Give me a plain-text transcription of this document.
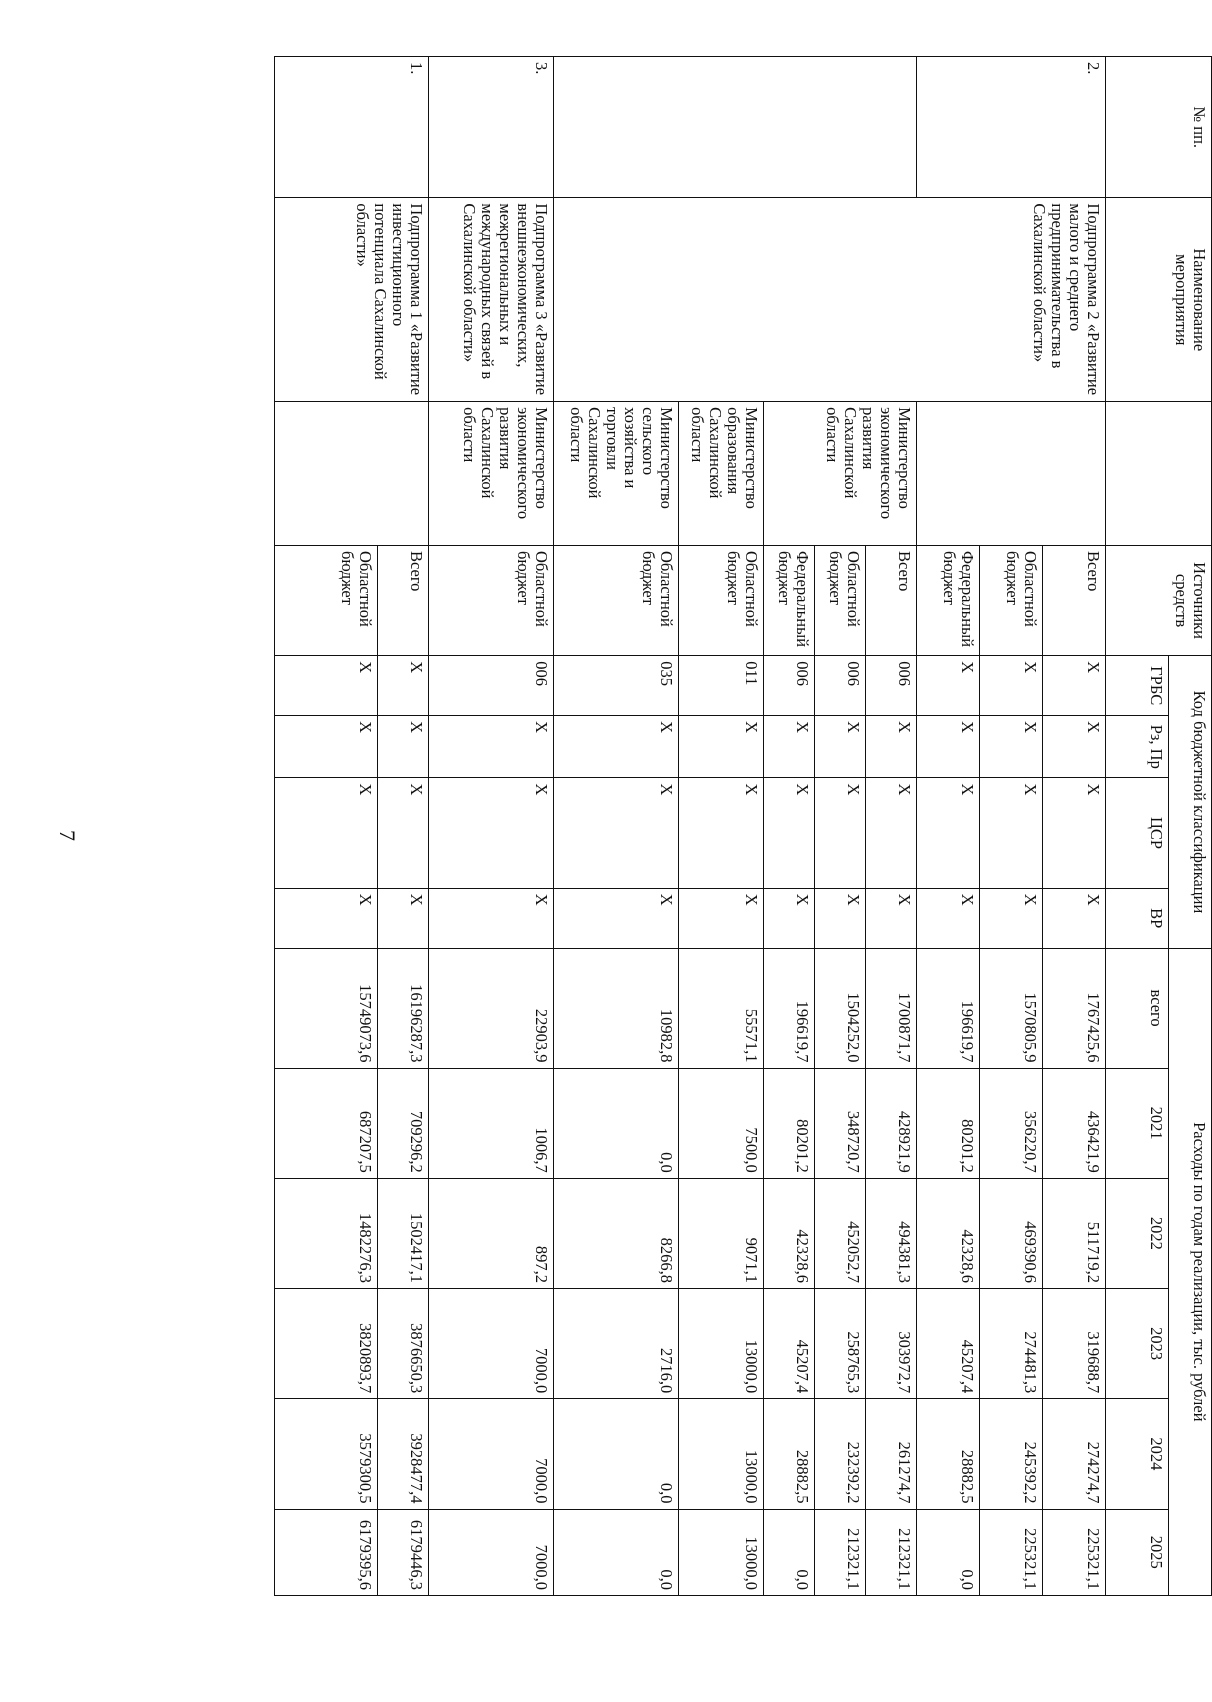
7
№ пп.	Наименование мероприятия		Источники средств	Код бюджетной классификации				Расходы по годам реализации, тыс. рублей					
				ГРБС	Рз, Пр	ЦСР	ВР	всего	2021	2022	2023	2024	2025
2.	Подпрограмма 2 «Развитие малого и среднего предпринимательства в Сахалинской области»		Всего	X	X	X	X	1767425,6	436421,9	511719,2	319688,7	274274,7	225321,1
			Областной бюджет	X	X	X	X	1570805,9	356220,7	469390,6	274481,3	245392,2	225321,1
			Федеральный бюджет	X	X	X	X	196619,7	80201,2	42328,6	45207,4	28882,5	0,0
		Министерство экономического развития Сахалинской области	Всего	006	X	X	X	1700871,7	428921,9	494381,3	303972,7	261274,7	212321,1
			Областной бюджет	006	X	X	X	1504252,0	348720,7	452052,7	258765,3	232392,2	212321,1
			Федеральный бюджет	006	X	X	X	196619,7	80201,2	42328,6	45207,4	28882,5	0,0
		Министерство образования Сахалинской области	Областной бюджет	011	X	X	X	55571,1	7500,0	9071,1	13000,0	13000,0	13000,0
		Министерство сельского хозяйства и торговли Сахалинской области	Областной бюджет	035	X	X	X	10982,8	0,0	8266,8	2716,0	0,0	0,0
3.	Подпрограмма 3 «Развитие внешнеэкономических, межрегиональных и международных связей в Сахалинской области»	Министерство экономического развития Сахалинской области	Областной бюджет	006	X	X	X	22903,9	1006,7	897,2	7000,0	7000,0	7000,0
1.	Подпрограмма 1 «Развитие инвестиционного потенциала Сахалинской области»		Всего	X	X	X	X	16196287,3	709296,2	1502417,1	3876650,3	3928477,4	6179446,3
			Областной бюджет	X	X	X	X	15749073,6	687207,5	1482276,3	3820893,7	3579300,5	6179395,6
